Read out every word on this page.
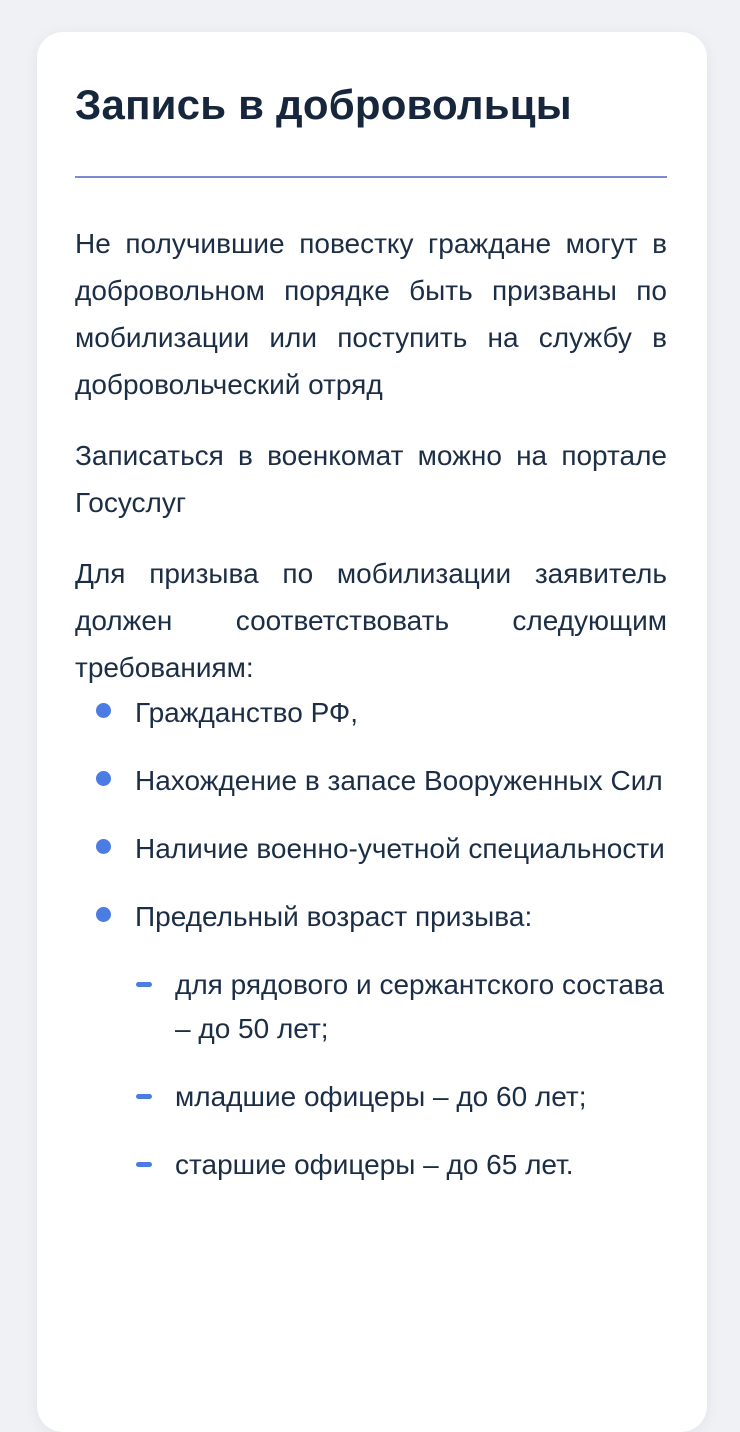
Запись в добровольцы

Не получившие повестку граждане могут в добровольном порядке быть призваны по мобилизации или поступить на службу в добровольческий отряд

Записаться в военкомат можно на портале Госуслуг

Для призыва по мобилизации заявитель должен соответствовать следующим требованиям:

Гражданство РФ,
Нахождение в запасе Вооруженных Сил
Наличие военно-учетной специальности
Предельный возраст призыва:
для рядового и сержантского состава – до 50 лет;
младшие офицеры – до 60 лет;
старшие офицеры – до 65 лет.
